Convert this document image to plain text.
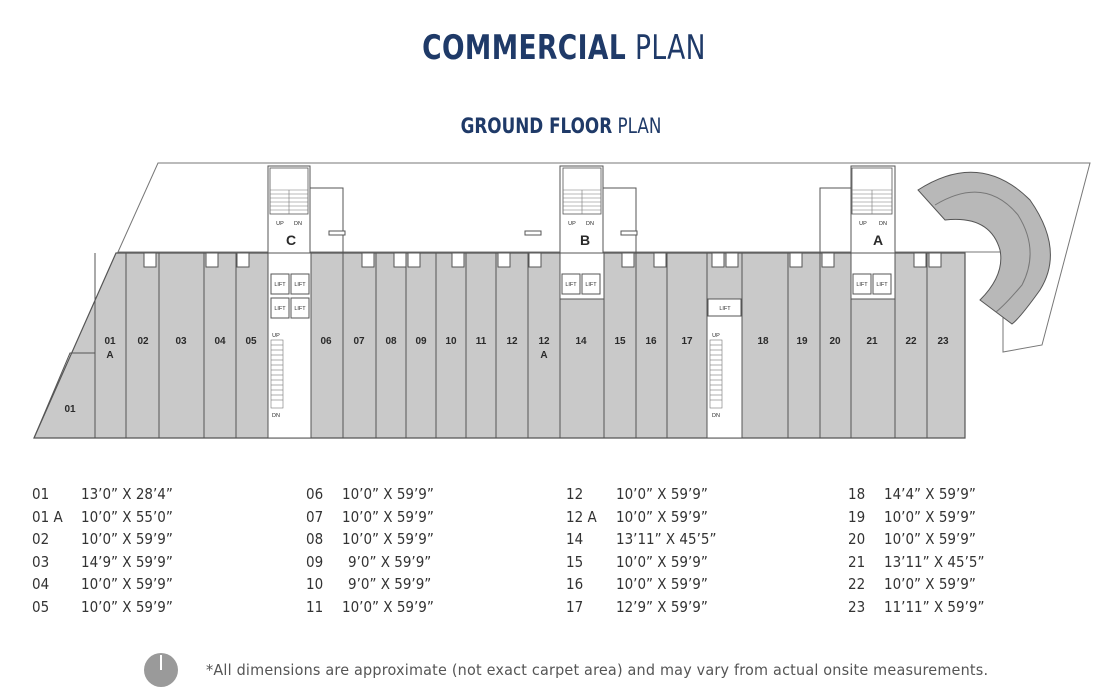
COMMERCIAL PLAN
GROUND FLOOR PLAN
C	B	A
LIFT LIFT
LIFT LIFT
LIFT LIFT	LIFT LIFT
LIFT
UP DN	UP DN	UP DN
UP
DN
UP
DN
01
01
A
02	03	04 05	06 07 08 09 10 11 12 12
A
14	15 16 17	18	19 20	21	22 23
01 13’0” X 28’4”
01 A 10’0” X 55’0”
02 10’0” X 59’9”
03 14’9” X 59’9”
04 10’0” X 59’9”
05 10’0” X 59’9”
06 10’0” X 59’9”
07 10’0” X 59’9”
08 10’0” X 59’9”
09 9’0” X 59’9”
10 9’0” X 59’9”
11 10’0” X 59’9”
12 10’0” X 59’9”
12 A 10’0” X 59’9”
14 13’11” X 45’5”
15 10’0” X 59’9”
16 10’0” X 59’9”
17 12’9” X 59’9”
18 14’4” X 59’9”
19 10’0” X 59’9”
20 10’0” X 59’9”
21 13’11” X 45’5”
22 10’0” X 59’9”
23 11’11” X 59’9”
*All dimensions are approximate (not exact carpet area) and may vary from actual onsite measurements.
